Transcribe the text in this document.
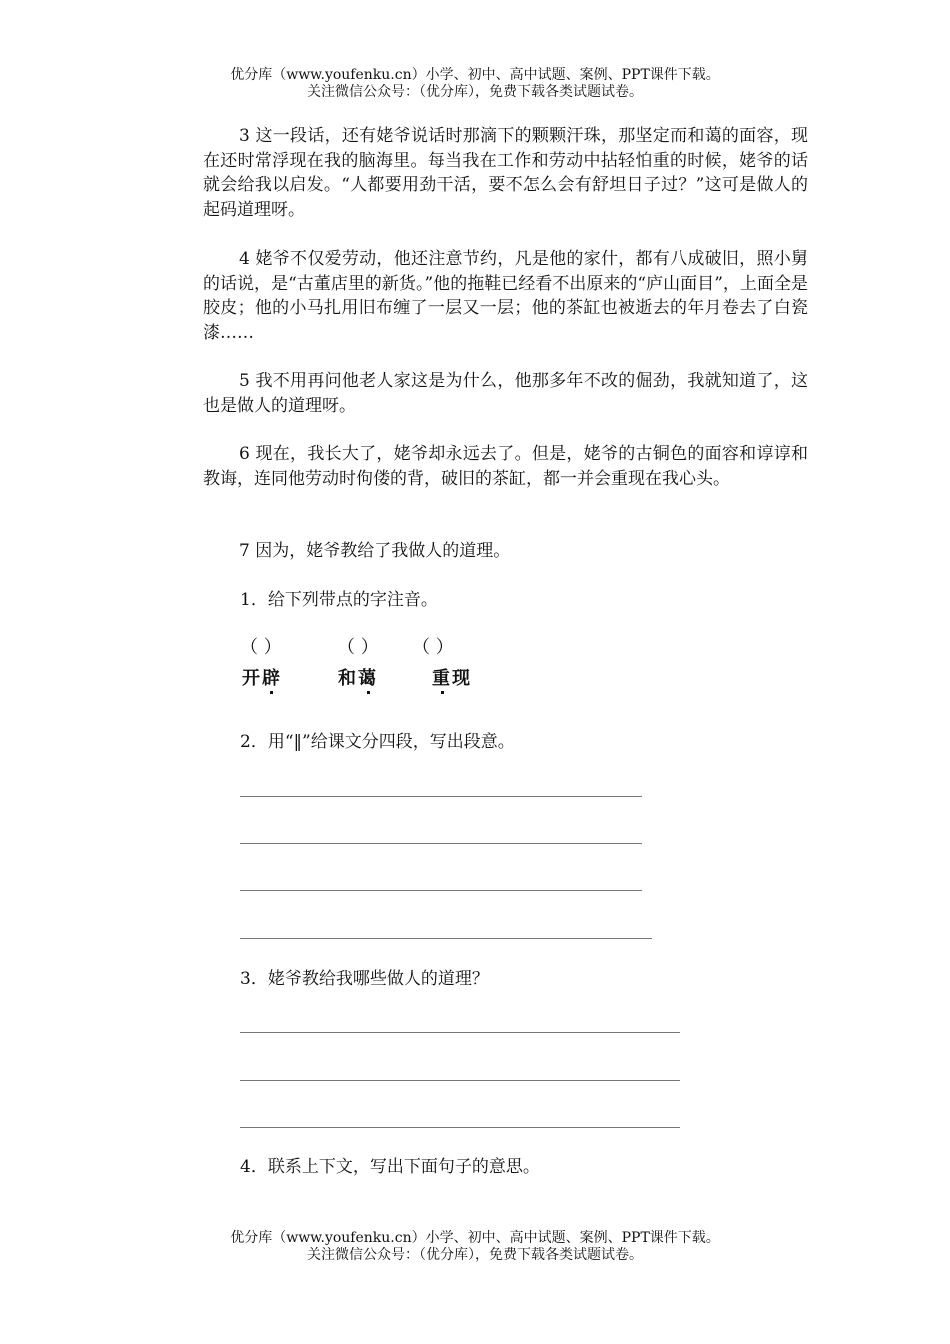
优分库（www.youfenku.cn）小学、初中、高中试题、案例、PPT课件下载。
关注微信公众号：（优分库），免费下载各类试题试卷。
3 这一段话，还有姥爷说话时那滴下的颗颗汗珠，那坚定而和蔼的面容，现在还时常浮现在我的脑海里。每当我在工作和劳动中拈轻怕重的时候，姥爷的话就会给我以启发。“人都要用劲干活，要不怎么会有舒坦日子过？”这可是做人的起码道理呀。
4 姥爷不仅爱劳动，他还注意节约，凡是他的家什，都有八成破旧，照小舅的话说，是“古董店里的新货。”他的拖鞋已经看不出原来的“庐山面目”，上面全是胶皮；他的小马扎用旧布缠了一层又一层；他的茶缸也被逝去的年月卷去了白瓷漆……
5 我不用再问他老人家这是为什么，他那多年不改的倔劲，我就知道了，这也是做人的道理呀。
6 现在，我长大了，姥爷却永远去了。但是，姥爷的古铜色的面容和谆谆和教诲，连同他劳动时佝偻的背，破旧的茶缸，都一并会重现在我心头。
7 因为，姥爷教给了我做人的道理。
1．给下列带点的字注音。
（ ）	（ ） （ ）
开辟	和蔼	重现
2．用“‖”给课文分四段，写出段意。
3．姥爷教给我哪些做人的道理？
4．联系上下文，写出下面句子的意思。
优分库（www.youfenku.cn）小学、初中、高中试题、案例、PPT课件下载。
关注微信公众号：（优分库），免费下载各类试题试卷。
